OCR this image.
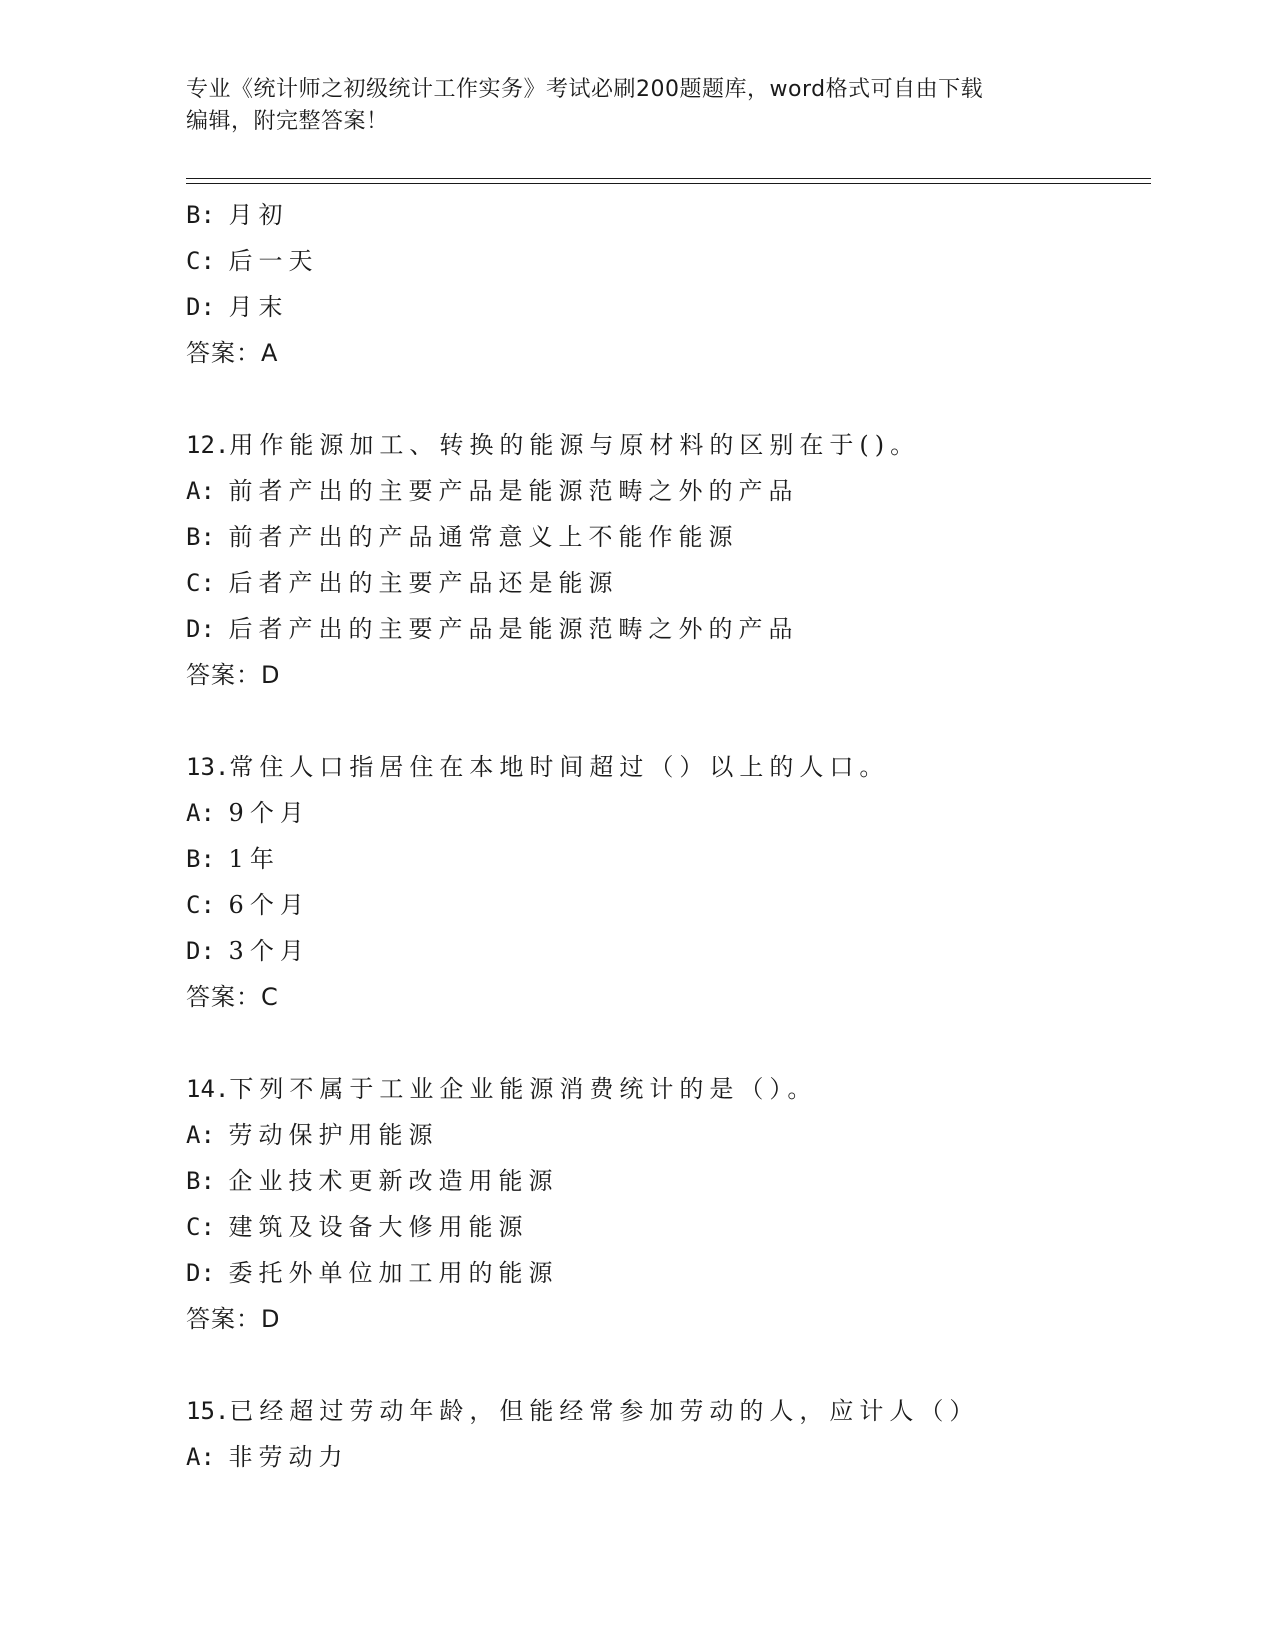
专业《统计师之初级统计工作实务》考试必刷200题题库，word格式可自由下载
编辑，附完整答案！
B: 月初
C: 后一天
D: 月末
答案：A
12.用作能源加工、转换的能源与原材料的区别在于()。
A: 前者产出的主要产品是能源范畴之外的产品
B: 前者产出的产品通常意义上不能作能源
C: 后者产出的主要产品还是能源
D: 后者产出的主要产品是能源范畴之外的产品
答案：D
13.常住人口指居住在本地时间超过（）以上的人口。
A: 9个月
B: 1年
C: 6个月
D: 3个月
答案：C
14.下列不属于工业企业能源消费统计的是（）。
A: 劳动保护用能源
B: 企业技术更新改造用能源
C: 建筑及设备大修用能源
D: 委托外单位加工用的能源
答案：D
15.已经超过劳动年龄，但能经常参加劳动的人，应计人（）
A: 非劳动力
